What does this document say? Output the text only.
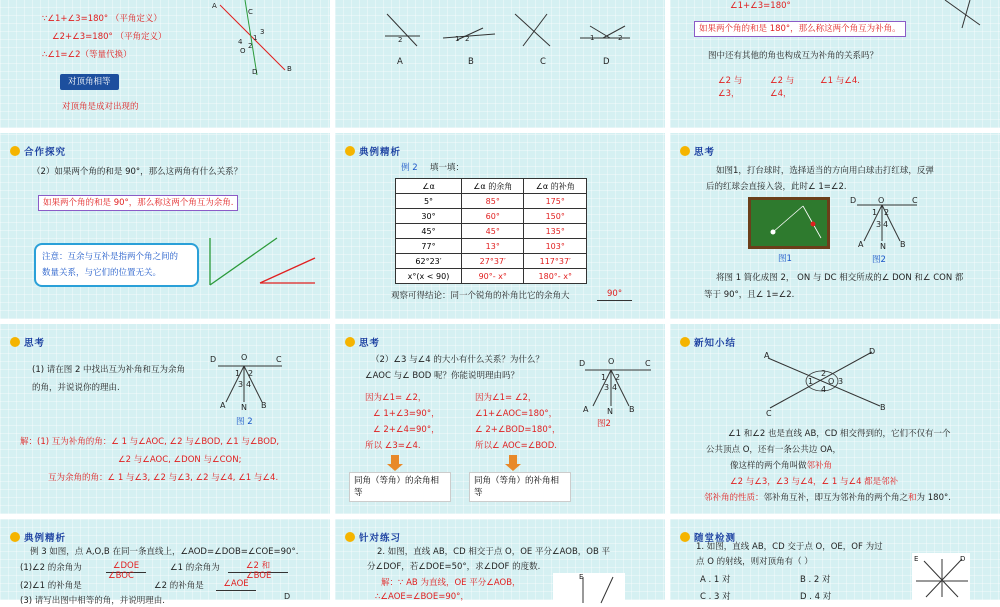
∵∠1+∠3=180° （平角定义）
∠2+∠3=180° （平角定义）
∴∠1=∠2（等量代换）
对顶角相等
对顶角是成对出现的
A
C
1
3
4 2
O
D	B
2	1 2	1	2
A	B	C	D
∠1+∠3=180°
如果两个角的和是 180°，那么称这两个角互为补角。
图中还有其他的角也构成互为补角的关系吗？
∠2 与	∠2 与	∠1 与∠4.
∠3，	∠4，
合作探究
（2）如果两个角的和是 90°，那么这两角有什么关系？
如果两个角的和是 90°，那么称这两个角互为余角.
注意：互余与互补是指两个角之间的
数量关系，与它们的位置无关。
典例精析
例 2 填一填：
∠α	∠α 的余角	∠α 的补角
5°	85°	175°
30°	60°	150°
45°	45°	135°
77°	13°	103°
62°23′	27°37′	117°37′
x°(x < 90)	90°- x°	180°- x°
观察可得结论：同一个锐角的补角比它的余角大	90°
思考
如图1，打台球时，选择适当的方向用白球击打红球，反弹
后的红球会直接入袋，此时∠ 1=∠2.
图1
D	O	C
1 2
3 4
A N B
图2
将图 1 简化成图 2， ON 与 DC 相交所成的∠ DON 和∠ CON 都
等于 90°，且∠ 1=∠2.
思考
(1) 请在图 2 中找出互为补角和互为余角
的角，并说说你的理由.
D	O	C
1 2
3 4
A N B
图 2
解：(1) 互为补角的角：∠ 1 与∠AOC, ∠2 与∠BOD, ∠1 与∠BOD,
∠2 与∠AOC, ∠DON 与∠CON;
互为余角的角：∠ 1 与∠3, ∠2 与∠3, ∠2 与∠4, ∠1 与∠4.
思考
（2）∠3 与∠4 的大小有什么关系？为什么？
∠AOC 与∠ BOD 呢？你能说明理由吗？
因为∠1= ∠2，
∠ 1+∠3=90°，
∠ 2+∠4=90°，
所以 ∠3=∠4.
因为∠1= ∠2，
∠1+∠AOC=180°，
∠ 2+∠BOD=180°，
所以∠ AOC=∠BOD.
同角（等角）的余角相等
同角（等角）的补角相等
D	O	C
1 2
3 4
A N B
图2
新知小结
A	D
1
2
O 3
4
C
B
∠1 和∠2 也是直线 AB，CD 相交得到的，它们不仅有一个
公共顶点 O，还有一条公共边 OA，
像这样的两个角叫做邻补角
∠2 与∠3，∠3 与∠4，∠ 1 与∠4 都是邻补
邻补角的性质：邻补角互补，即互为邻补角的两个角之和为 180°.
典例精析
例 3 如图，点 A,O,B 在同一条直线上，∠AOD=∠DOB=∠COE=90°.
(1)∠2 的余角为	∠DOE	∠1 的余角为	∠2 和
∠BOE
∠BOC
(2)∠1 的补角是	∠2 的补角是	∠AOE
(3) 请写出图中相等的角，并说明理由.	D
针对练习
2. 如图，直线 AB，CD 相交于点 O，OE 平分∠AOB，OB 平
分∠DOF，若∠DOE=50°，求∠DOF 的度数.
解：∵ AB 为直线，OE 平分∠AOB，
∴∠AOE=∠BOE=90°，
E
随堂检测
1. 如图，直线 AB，CD 交于点 O，OE，OF 为过
点 O 的射线，则对顶角有（ ）
A . 1 对	B . 2 对
C . 3 对	D . 4 对
E	D
